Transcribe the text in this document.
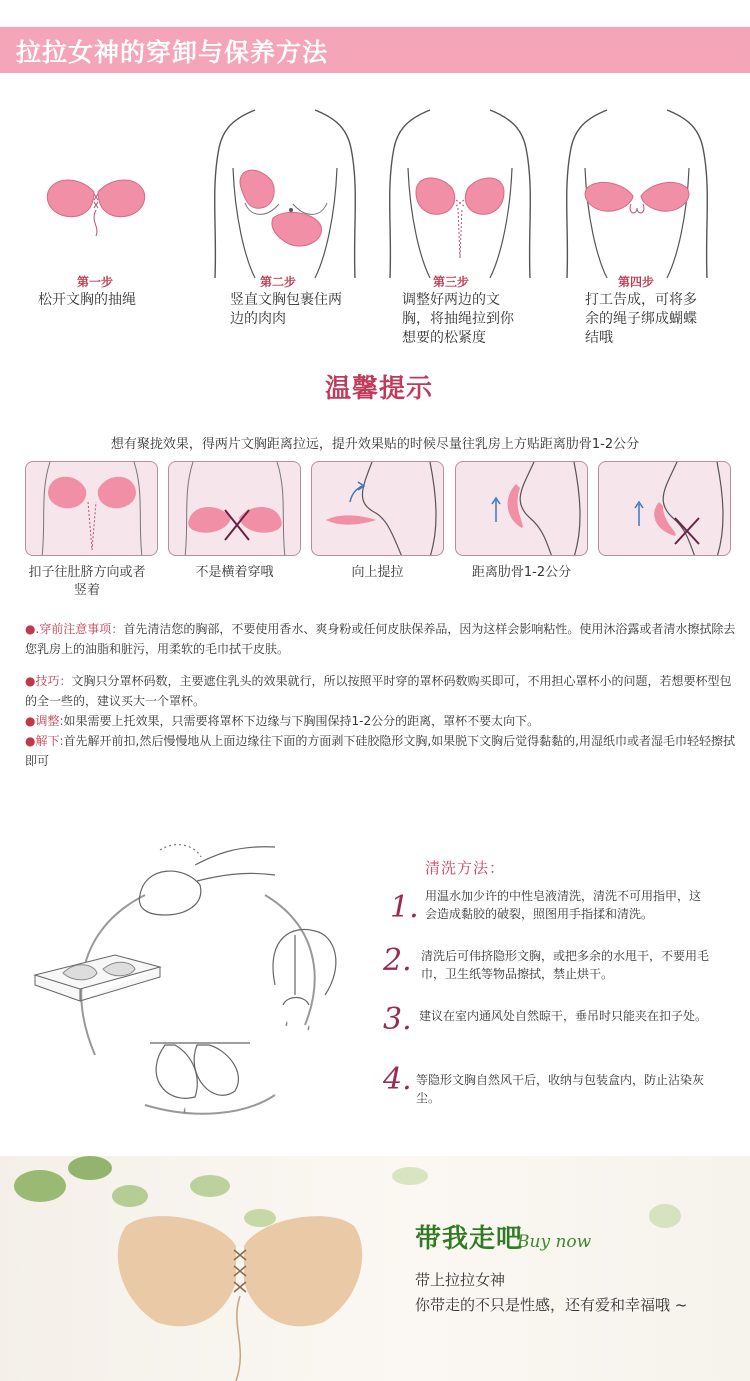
拉拉女神的穿卸与保养方法
第一步
松开文胸的抽绳
第二步
竖直文胸包裹住两边的肉肉
第三步
调整好两边的文胸，将抽绳拉到你想要的松紧度
第四步
打工告成，可将多余的绳子绑成蝴蝶结哦
温馨提示
想有聚拢效果，得两片文胸距离拉远，提升效果贴的时候尽量往乳房上方贴距离肋骨1-2公分
扣子往肚脐方向或者竖着
不是横着穿哦	向上提拉	距离肋骨1-2公分
●.穿前注意事项：首先清洁您的胸部，不要使用香水、爽身粉或任何皮肤保养品，因为这样会影响粘性。使用沐浴露或者清水擦拭除去您乳房上的油脂和脏污，用柔软的毛巾拭干皮肤。
●技巧：文胸只分罩杯码数，主要遮住乳头的效果就行，所以按照平时穿的罩杯码数购买即可，不用担心罩杯小的问题，若想要杯型包的全一些的，建议买大一个罩杯。
●调整:如果需要上托效果，只需要将罩杯下边缘与下胸围保持1-2公分的距离，罩杯不要太向下。
●解下:首先解开前扣,然后慢慢地从上面边缘往下面的方面剥下硅胶隐形文胸,如果脱下文胸后觉得黏黏的,用湿纸巾或者湿毛巾轻轻擦拭即可
清洗方法：
1. 用温水加少许的中性皂液清洗，清洗不可用指甲，这会造成黏胶的破裂，照图用手指揉和清洗。
2. 清洗后可伟挤隐形文胸，或把多余的水甩干，不要用毛巾，卫生纸等物品擦拭，禁止烘干。
3. 建议在室内通风处自然晾干，垂吊时只能夹在扣子处。
4. 等隐形文胸自然风干后，收纳与包装盒内，防止沾染灰尘。
带我走吧
Buy now
带上拉拉女神
你带走的不只是性感，还有爱和幸福哦 ~
